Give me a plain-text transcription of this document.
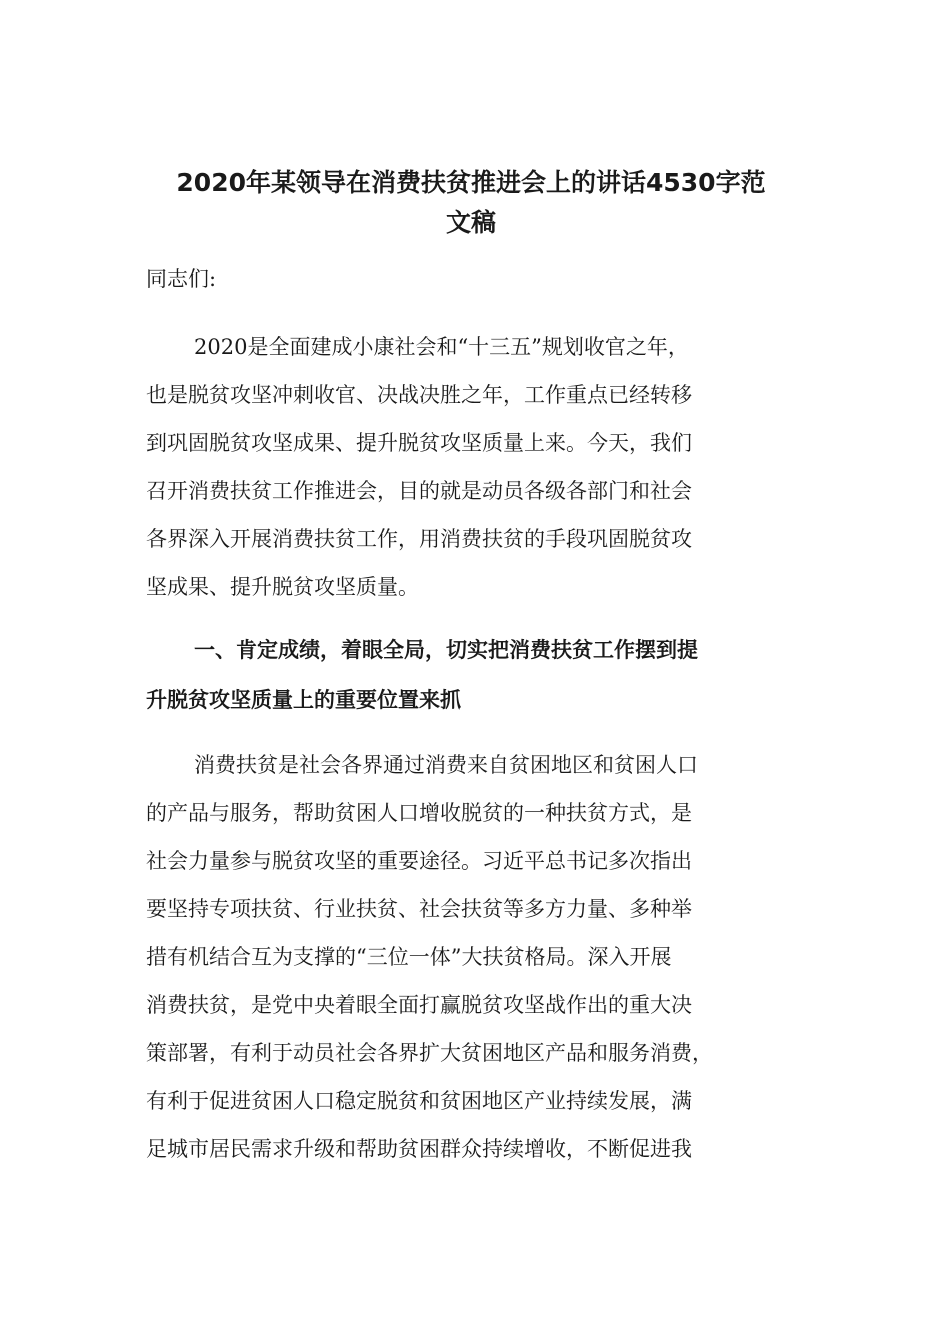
2020年某领导在消费扶贫推进会上的讲话4530字范
文稿

同志们:

2020是全面建成小康社会和“十三五”规划收官之年，
也是脱贫攻坚冲刺收官、决战决胜之年，工作重点已经转移
到巩固脱贫攻坚成果、提升脱贫攻坚质量上来。今天，我们
召开消费扶贫工作推进会，目的就是动员各级各部门和社会
各界深入开展消费扶贫工作，用消费扶贫的手段巩固脱贫攻
坚成果、提升脱贫攻坚质量。

一、肯定成绩，着眼全局，切实把消费扶贫工作摆到提
升脱贫攻坚质量上的重要位置来抓

消费扶贫是社会各界通过消费来自贫困地区和贫困人口
的产品与服务，帮助贫困人口增收脱贫的一种扶贫方式，是
社会力量参与脱贫攻坚的重要途径。习近平总书记多次指出
要坚持专项扶贫、行业扶贫、社会扶贫等多方力量、多种举
措有机结合互为支撑的“三位一体”大扶贫格局。深入开展
消费扶贫，是党中央着眼全面打赢脱贫攻坚战作出的重大决
策部署，有利于动员社会各界扩大贫困地区产品和服务消费，
有利于促进贫困人口稳定脱贫和贫困地区产业持续发展，满
足城市居民需求升级和帮助贫困群众持续增收，不断促进我
